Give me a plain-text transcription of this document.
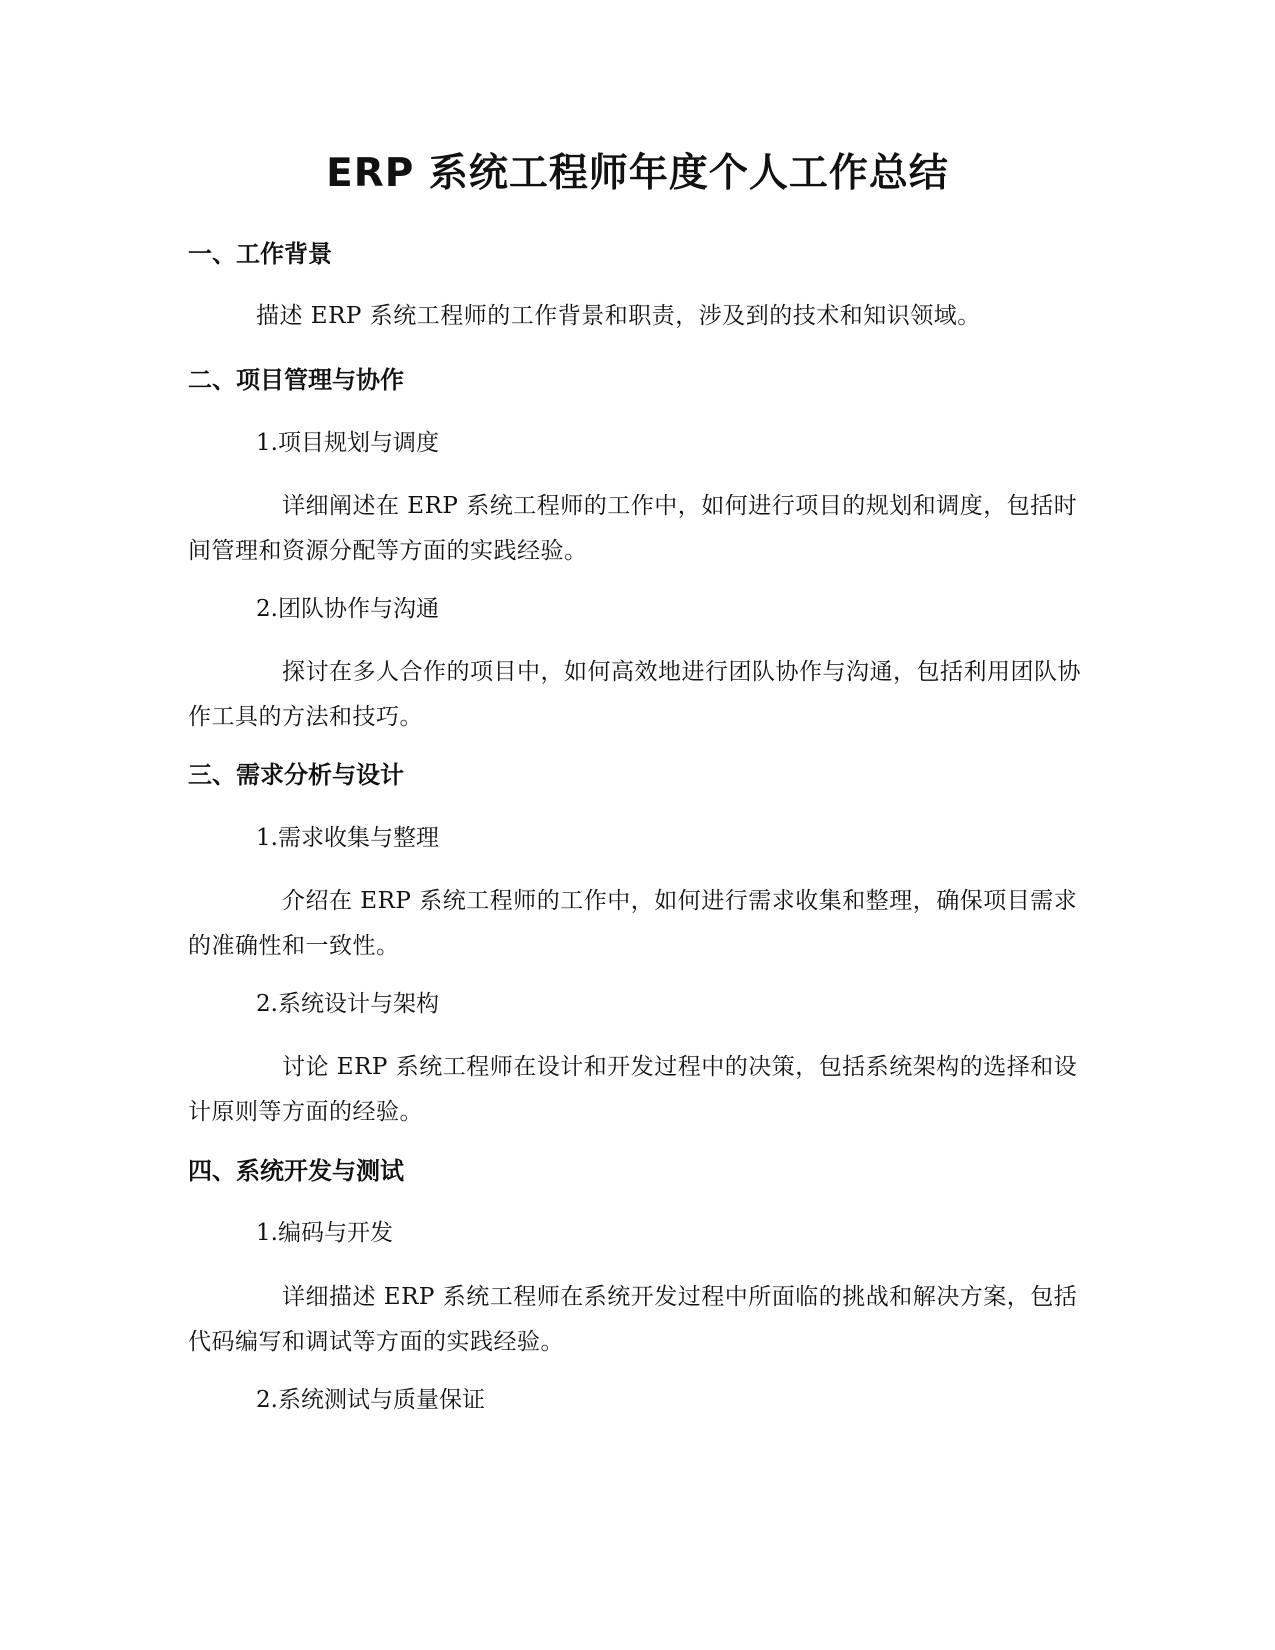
ERP 系统工程师年度个人工作总结
一、工作背景

描述 ERP 系统工程师的工作背景和职责，涉及到的技术和知识领域。

二、项目管理与协作

1.项目规划与调度

详细阐述在 ERP 系统工程师的工作中，如何进行项目的规划和调度，包括时间管理和资源分配等方面的实践经验。

2.团队协作与沟通

探讨在多人合作的项目中，如何高效地进行团队协作与沟通，包括利用团队协作工具的方法和技巧。

三、需求分析与设计

1.需求收集与整理

介绍在 ERP 系统工程师的工作中，如何进行需求收集和整理，确保项目需求的准确性和一致性。

2.系统设计与架构

讨论 ERP 系统工程师在设计和开发过程中的决策，包括系统架构的选择和设计原则等方面的经验。

四、系统开发与测试

1.编码与开发

详细描述 ERP 系统工程师在系统开发过程中所面临的挑战和解决方案，包括代码编写和调试等方面的实践经验。

2.系统测试与质量保证
